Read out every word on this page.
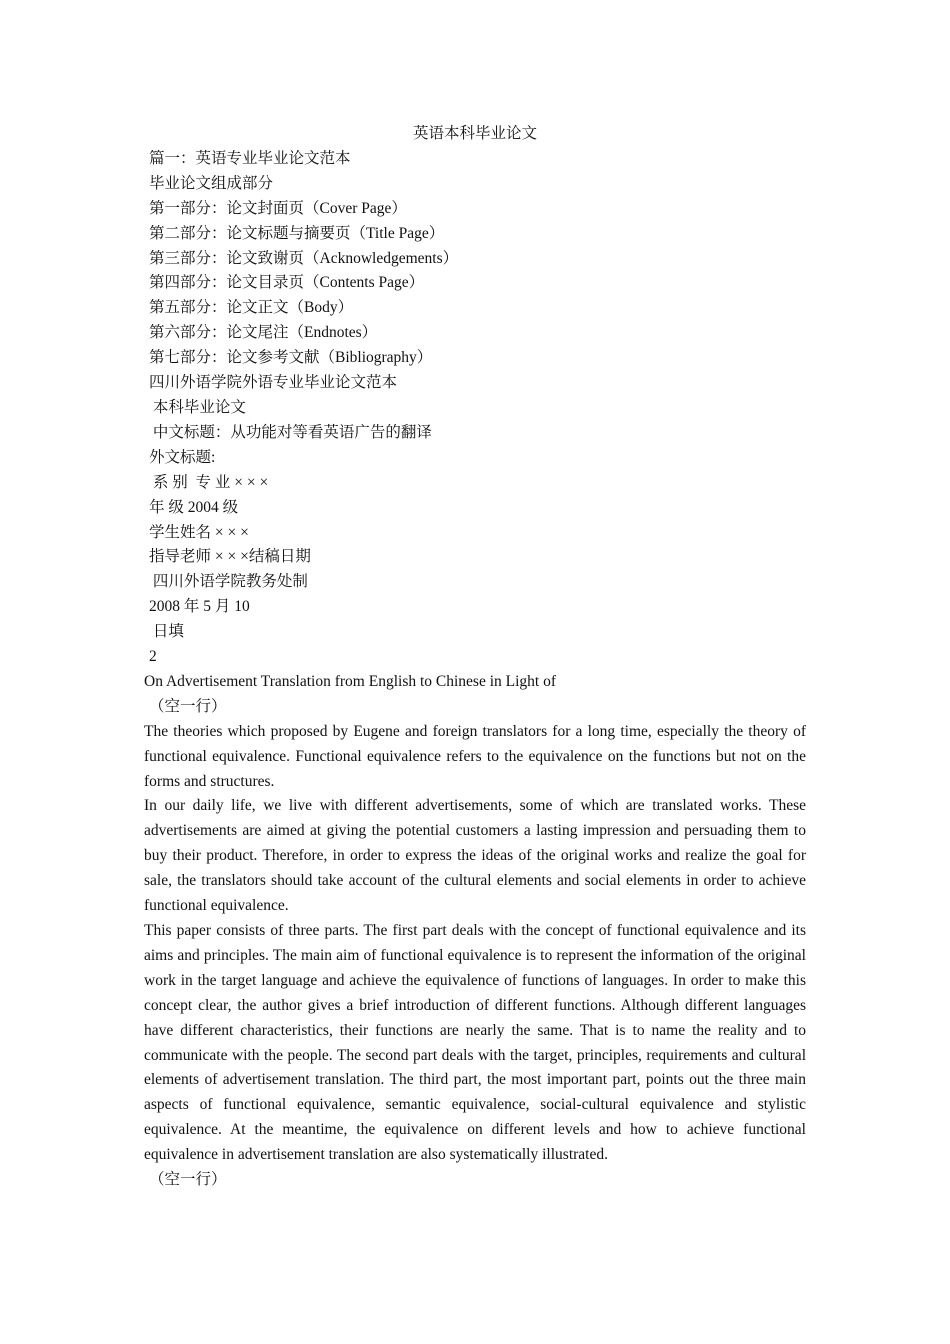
英语本科毕业论文

篇一：英语专业毕业论文范本

毕业论文组成部分

第一部分：论文封面页（Cover Page）

第二部分：论文标题与摘要页（Title Page）

第三部分：论文致谢页（Acknowledgements）

第四部分：论文目录页（Contents Page）

第五部分：论文正文（Body）

第六部分：论文尾注（Endnotes）

第七部分：论文参考文献（Bibliography）

四川外语学院外语专业毕业论文范本

本科毕业论文

中文标题：从功能对等看英语广告的翻译

外文标题:

系 别  专 业 × × ×

年 级 2004 级

学生姓名 × × ×

指导老师 × × ×结稿日期

四川外语学院教务处制

2008 年 5 月 10

日填

2

On Advertisement Translation from English to Chinese in Light of

（空一行）

The theories which proposed by Eugene and foreign translators for a long time, especially the theory of functional equivalence. Functional equivalence refers to the equivalence on the functions but not on the forms and structures.

In our daily life, we live with different advertisements, some of which are translated works. These advertisements are aimed at giving the potential customers a lasting impression and persuading them to buy their product. Therefore, in order to express the ideas of the original works and realize the goal for sale, the translators should take account of the cultural elements and social elements in order to achieve functional equivalence.

This paper consists of three parts. The first part deals with the concept of functional equivalence and its aims and principles. The main aim of functional equivalence is to represent the information of the original work in the target language and achieve the equivalence of functions of languages. In order to make this concept clear, the author gives a brief introduction of different functions. Although different languages have different characteristics, their functions are nearly the same. That is to name the reality and to communicate with the people. The second part deals with the target, principles, requirements and cultural elements of advertisement translation. The third part, the most important part, points out the three main aspects of functional equivalence, semantic equivalence, social-cultural equivalence and stylistic equivalence. At the meantime, the equivalence on different levels and how to achieve functional equivalence in advertisement translation are also systematically illustrated.

（空一行）
